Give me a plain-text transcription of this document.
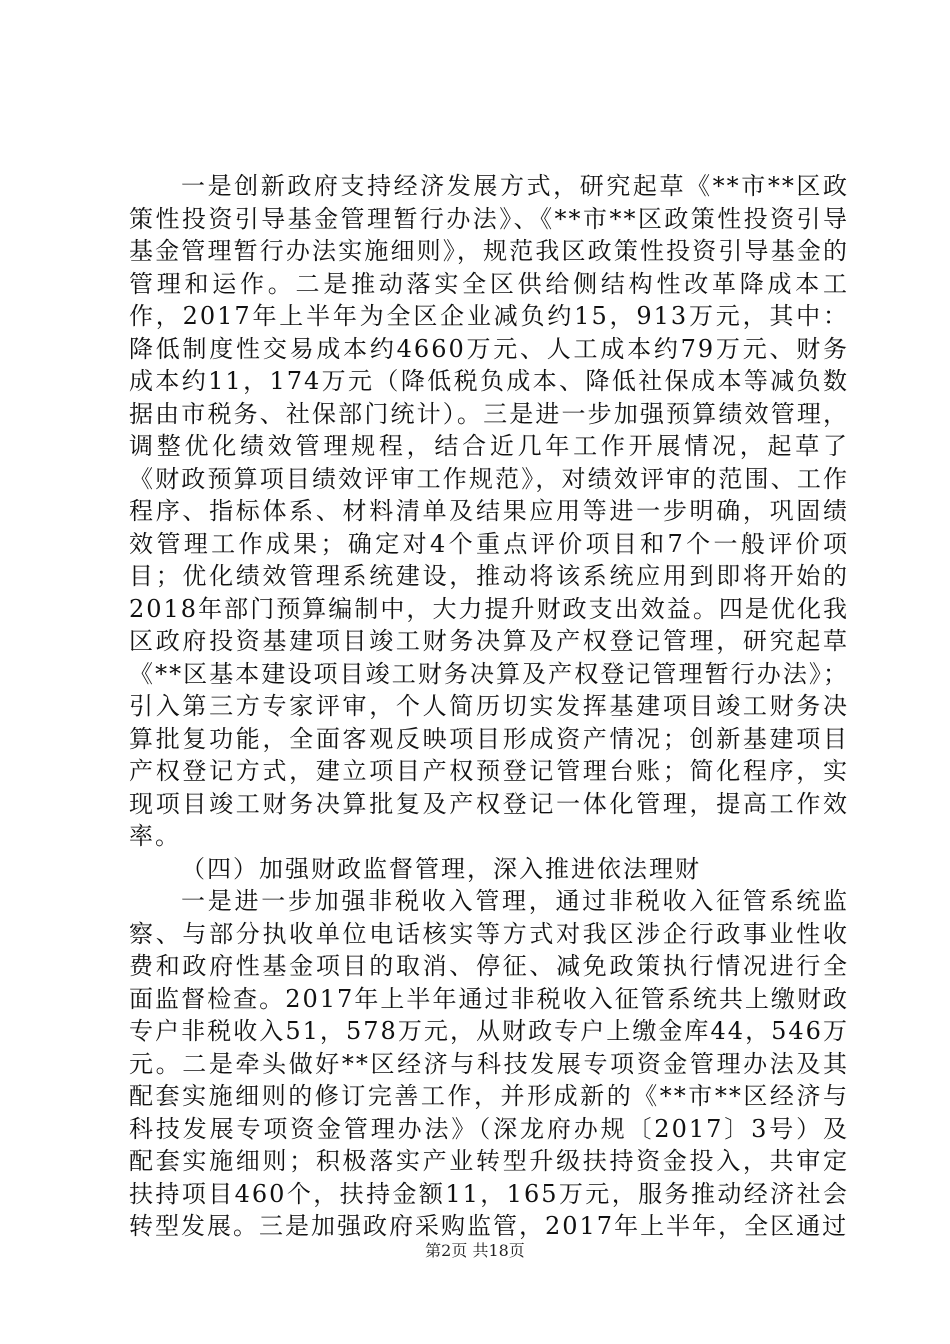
一是创新政府支持经济发展方式，研究起草《**市**区政策性投资引导基金管理暂行办法》、《**市**区政策性投资引导基金管理暂行办法实施细则》，规范我区政策性投资引导基金的管理和运作。二是推动落实全区供给侧结构性改革降成本工作，2017年上半年为全区企业减负约15，913万元，其中：降低制度性交易成本约4660万元、人工成本约79万元、财务成本约11，174万元（降低税负成本、降低社保成本等减负数据由市税务、社保部门统计）。三是进一步加强预算绩效管理，调整优化绩效管理规程，结合近几年工作开展情况，起草了《财政预算项目绩效评审工作规范》，对绩效评审的范围、工作程序、指标体系、材料清单及结果应用等进一步明确，巩固绩效管理工作成果；确定对4个重点评价项目和7个一般评价项目；优化绩效管理系统建设，推动将该系统应用到即将开始的2018年部门预算编制中，大力提升财政支出效益。四是优化我区政府投资基建项目竣工财务决算及产权登记管理，研究起草《**区基本建设项目竣工财务决算及产权登记管理暂行办法》；引入第三方专家评审，个人简历切实发挥基建项目竣工财务决算批复功能，全面客观反映项目形成资产情况；创新基建项目产权登记方式，建立项目产权预登记管理台账；简化程序，实现项目竣工财务决算批复及产权登记一体化管理，提高工作效率。

（四）加强财政监督管理，深入推进依法理财

一是进一步加强非税收入管理，通过非税收入征管系统监察、与部分执收单位电话核实等方式对我区涉企行政事业性收费和政府性基金项目的取消、停征、减免政策执行情况进行全面监督检查。2017年上半年通过非税收入征管系统共上缴财政专户非税收入51，578万元，从财政专户上缴金库44，546万元。二是牵头做好**区经济与科技发展专项资金管理办法及其配套实施细则的修订完善工作，并形成新的《**市**区经济与科技发展专项资金管理办法》（深龙府办规〔2017〕3号）及配套实施细则；积极落实产业转型升级扶持资金投入，共审定扶持项目460个，扶持金额11，165万元，服务推动经济社会转型发展。三是加强政府采购监管，2017年上半年，全区通过

第2页 共18页
